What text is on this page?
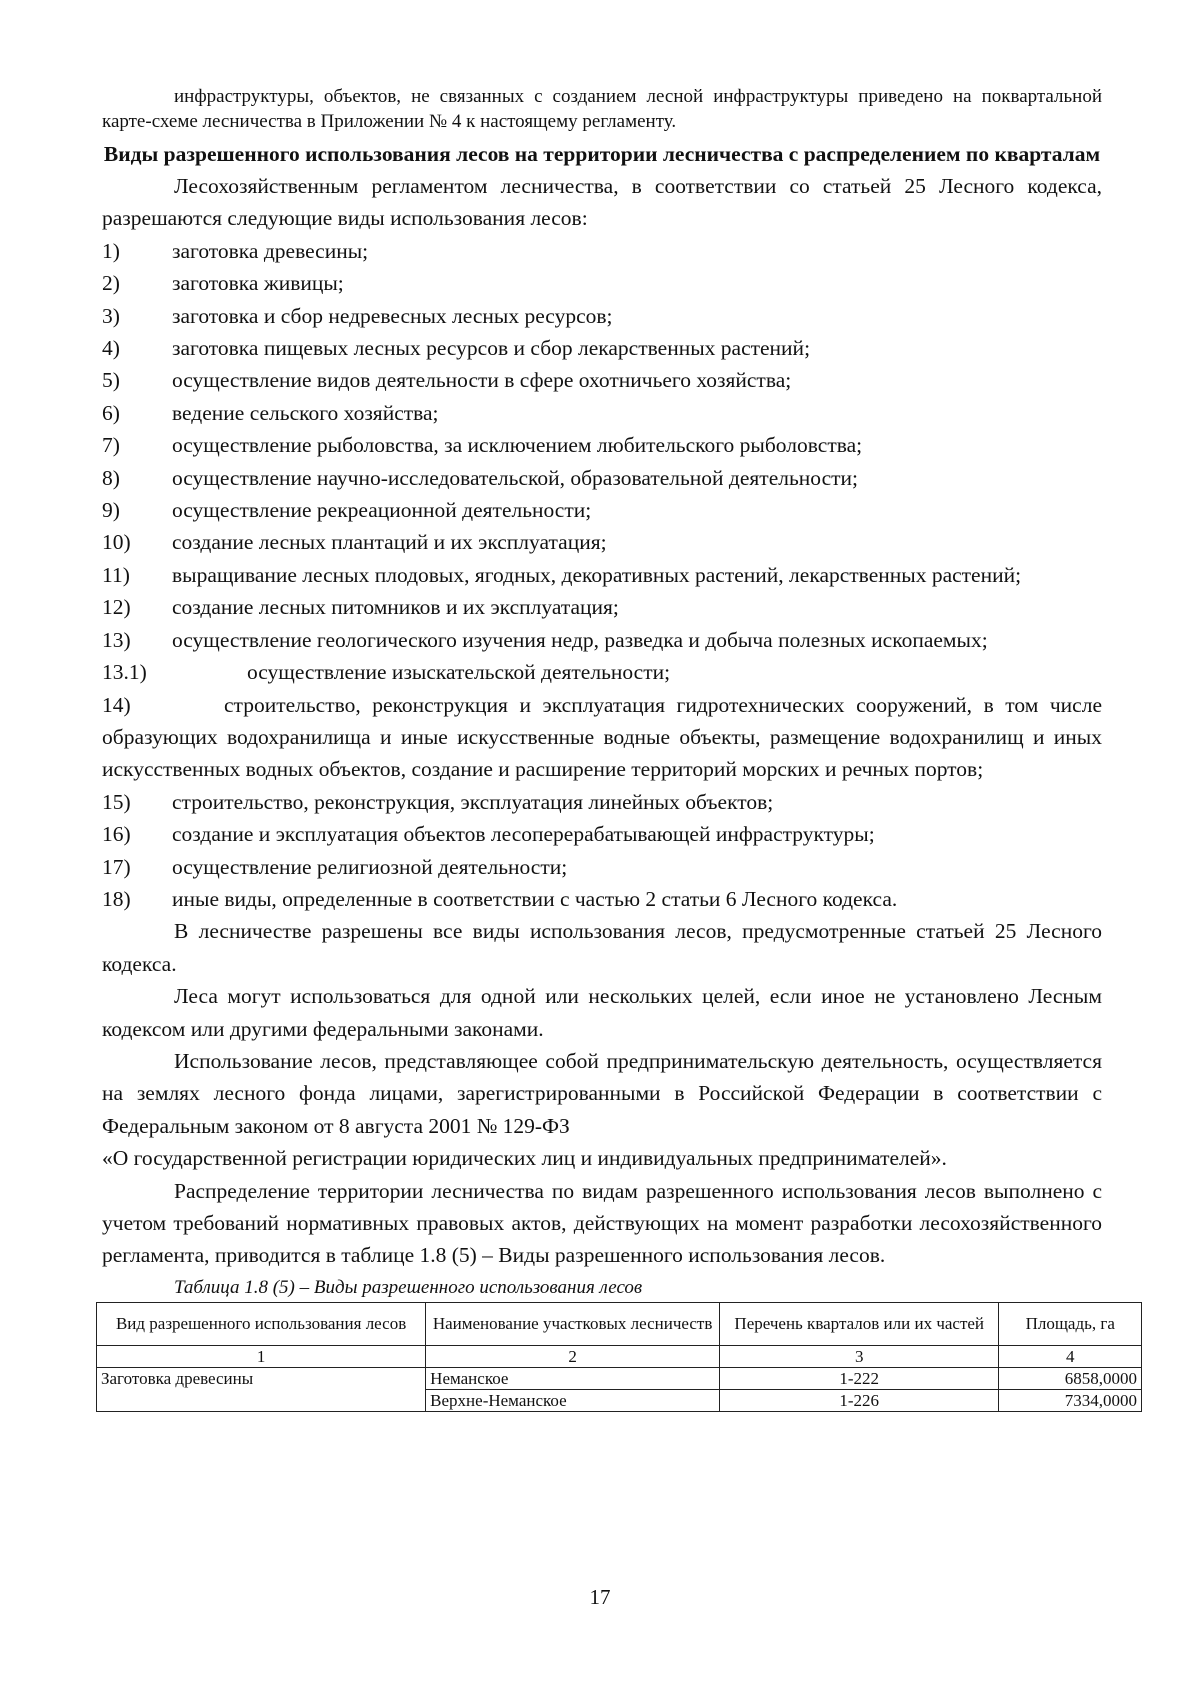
инфраструктуры, объектов, не связанных с созданием лесной инфраструктуры приведено на поквартальной карте-схеме лесничества в Приложении № 4 к настоящему регламенту.

Виды разрешенного использования лесов на территории лесничества с распределением по кварталам

Лесохозяйственным регламентом лесничества, в соответствии со статьей 25 Лесного кодекса, разрешаются следующие виды использования лесов:

1)	заготовка древесины;
2)	заготовка живицы;
3)	заготовка и сбор недревесных лесных ресурсов;
4)	заготовка пищевых лесных ресурсов и сбор лекарственных растений;
5)	осуществление видов деятельности в сфере охотничьего хозяйства;
6)	ведение сельского хозяйства;
7)	осуществление рыболовства, за исключением любительского рыболовства;
8)	осуществление научно-исследовательской, образовательной деятельности;
9)	осуществление рекреационной деятельности;
10)	создание лесных плантаций и их эксплуатация;
11) выращивание лесных плодовых, ягодных, декоративных растений, лекарственных растений;
12)	создание лесных питомников и их эксплуатация;
13)	осуществление геологического изучения недр, разведка и добыча полезных ископаемых;
13.1)	осуществление изыскательской деятельности;
14)	строительство, реконструкция и эксплуатация гидротехнических сооружений, в том числе образующих водохранилища и иные искусственные водные объекты, размещение водохранилищ и иных искусственных водных объектов, создание и расширение территорий морских и речных портов;
15)	строительство, реконструкция, эксплуатация линейных объектов;
16)	создание и эксплуатация объектов лесоперерабатывающей инфраструктуры;
17)	осуществление религиозной деятельности;
18)	иные виды, определенные в соответствии с частью 2 статьи 6 Лесного кодекса.

В лесничестве разрешены все виды использования лесов, предусмотренные статьей 25 Лесного кодекса.

Леса могут использоваться для одной или нескольких целей, если иное не установлено Лесным кодексом или другими федеральными законами.

Использование лесов, представляющее собой предпринимательскую деятельность, осуществляется на землях лесного фонда лицами, зарегистрированными в Российской Федерации в соответствии с Федеральным законом от 8 августа 2001 № 129-ФЗ

«О государственной регистрации юридических лиц и индивидуальных предпринимателей».

Распределение территории лесничества по видам разрешенного использования лесов выполнено с учетом требований нормативных правовых актов, действующих на момент разработки лесохозяйственного регламента, приводится в таблице 1.8 (5) – Виды разрешенного использования лесов.

Таблица 1.8 (5) – Виды разрешенного использования лесов
Вид разрешенного использования лесов	Наименование участковых лесничеств	Перечень кварталов или их частей	Площадь, га
1	2	3	4
Заготовка древесины	Неманское	1-222	6858,0000
	Верхне-Неманское	1-226	7334,0000
17
